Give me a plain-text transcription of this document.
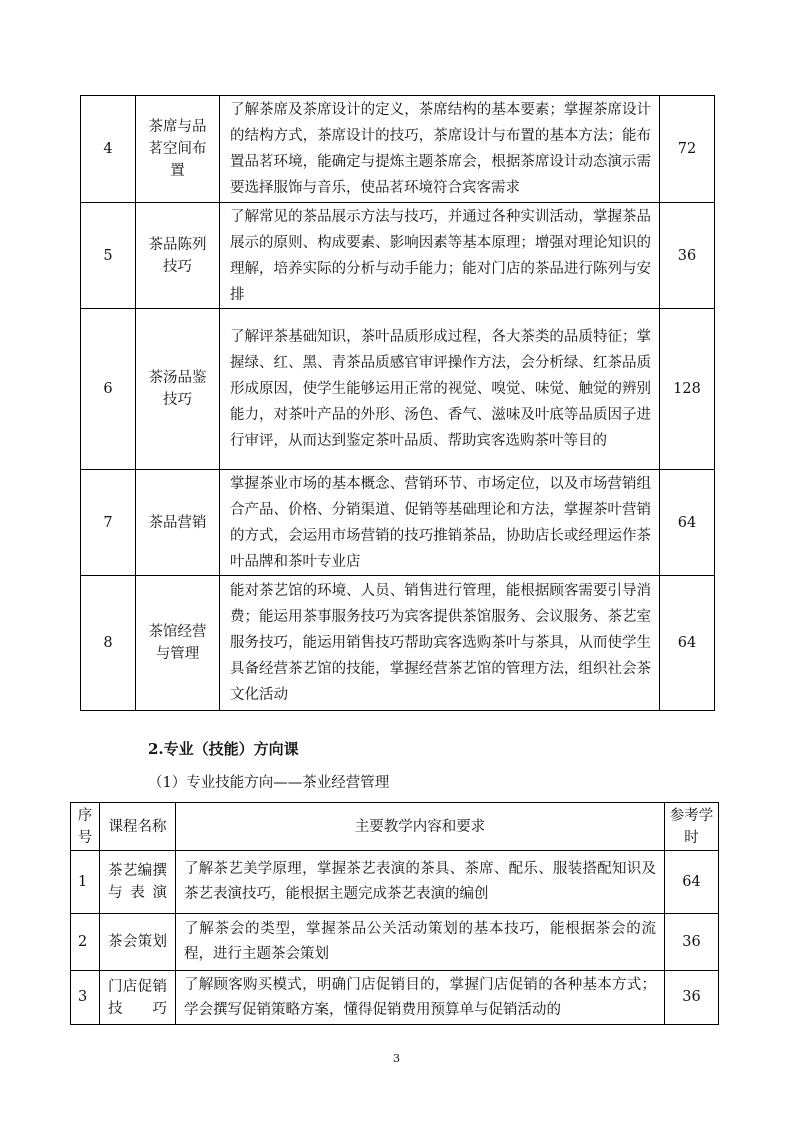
4	茶席与品茗空间布置	了解茶席及茶席设计的定义，茶席结构的基本要素；掌握茶席设计的结构方式，茶席设计的技巧，茶席设计与布置的基本方法；能布置品茗环境，能确定与提炼主题茶席会，根据茶席设计动态演示需要选择服饰与音乐，使品茗环境符合宾客需求	72
5	茶品陈列技巧	了解常见的茶品展示方法与技巧，并通过各种实训活动，掌握茶品展示的原则、构成要素、影响因素等基本原理；增强对理论知识的理解，培养实际的分析与动手能力；能对门店的茶品进行陈列与安排	36
6	茶汤品鉴技巧	了解评茶基础知识，茶叶品质形成过程，各大茶类的品质特征；掌握绿、红、黑、青茶品质感官审评操作方法，会分析绿、红茶品质形成原因，使学生能够运用正常的视觉、嗅觉、味觉、触觉的辨别能力，对茶叶产品的外形、汤色、香气、滋味及叶底等品质因子进行审评，从而达到鉴定茶叶品质、帮助宾客选购茶叶等目的	128
7	茶品营销	掌握茶业市场的基本概念、营销环节、市场定位，以及市场营销组合产品、价格、分销渠道、促销等基础理论和方法，掌握茶叶营销的方式，会运用市场营销的技巧推销茶品，协助店长或经理运作茶叶品牌和茶叶专业店	64
8	茶馆经营与管理	能对茶艺馆的环境、人员、销售进行管理，能根据顾客需要引导消费；能运用茶事服务技巧为宾客提供茶馆服务、会议服务、茶艺室服务技巧，能运用销售技巧帮助宾客选购茶叶与茶具，从而使学生具备经营茶艺馆的技能，掌握经营茶艺馆的管理方法，组织社会茶文化活动	64
2.专业（技能）方向课
（1）专业技能方向——茶业经营管理
序号	课程名称	主要教学内容和要求	参考学时
1	茶艺编撰与表演	了解茶艺美学原理，掌握茶艺表演的茶具、茶席、配乐、服装搭配知识及茶艺表演技巧，能根据主题完成茶艺表演的编创	64
2	茶会策划	了解茶会的类型，掌握茶品公关活动策划的基本技巧，能根据茶会的流程，进行主题茶会策划	36
3	门店促销技巧	了解顾客购买模式，明确门店促销目的，掌握门店促销的各种基本方式；学会撰写促销策略方案，懂得促销费用预算单与促销活动的	36
3
